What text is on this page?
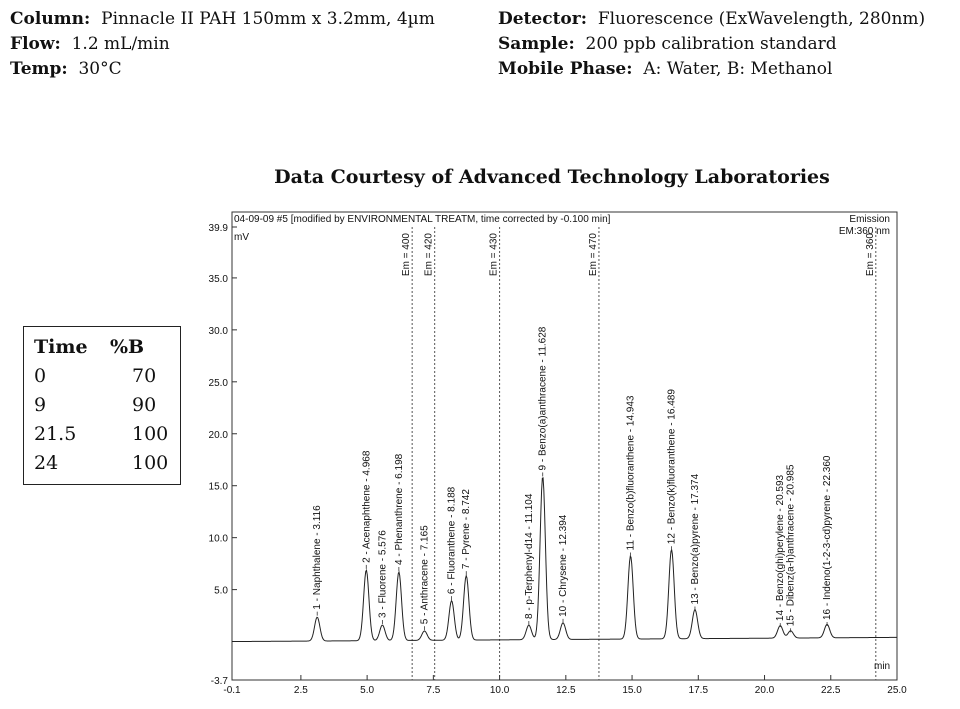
Column: Pinnacle II PAH 150mm x 3.2mm, 4µm
Flow: 1.2 mL/min
Temp: 30°C
Detector: Fluorescence (ExWavelength, 280nm)
Sample: 200 ppb calibration standard
Mobile Phase: A: Water, B: Methanol
Data Courtesy of Advanced Technology Laboratories
Time %B
0	70
9	90
21.5	100
24	100
04-09-09 #5 [modified by ENVIRONMENTAL TREATM, time corrected by -0.100 min]	Emission
EM:360 nm
mV
min
Em = 400 Em = 420	Em = 430	Em = 470	Em = 360
39.9
35.0
30.0
25.0
20.0
15.0
10.0
5.0
-3.7
-0.1	2.5	5.0	7.5	10.0	12.5	15.0	17.5	20.0	22.5	25.0
1 - Naphthalene - 3.116	2 - Acenaphthene - 4.968
3 - Fluorene - 5.576
4 - Phenanthrene - 6.198
5 - Anthracene - 7.165 6 - Fluoranthene - 8.188 7 - Pyrene - 8.742	8 - p-Terphenyl-d14 - 11.104
9 - Benzo(a)anthracene - 11.628
10 - Chrysene - 12.394
11 - Benzo(b)fluoranthene - 14.943	12 - Benzo(k)fluoranthene - 16.489 13 - Benzo(a)pyrene - 17.374	14 - Benzo(ghi)perylene - 20.593 15 - Dibenz(a-h)anthracene - 20.985	16 - Indeno(1-2-3-cd)pyrene - 22.360
